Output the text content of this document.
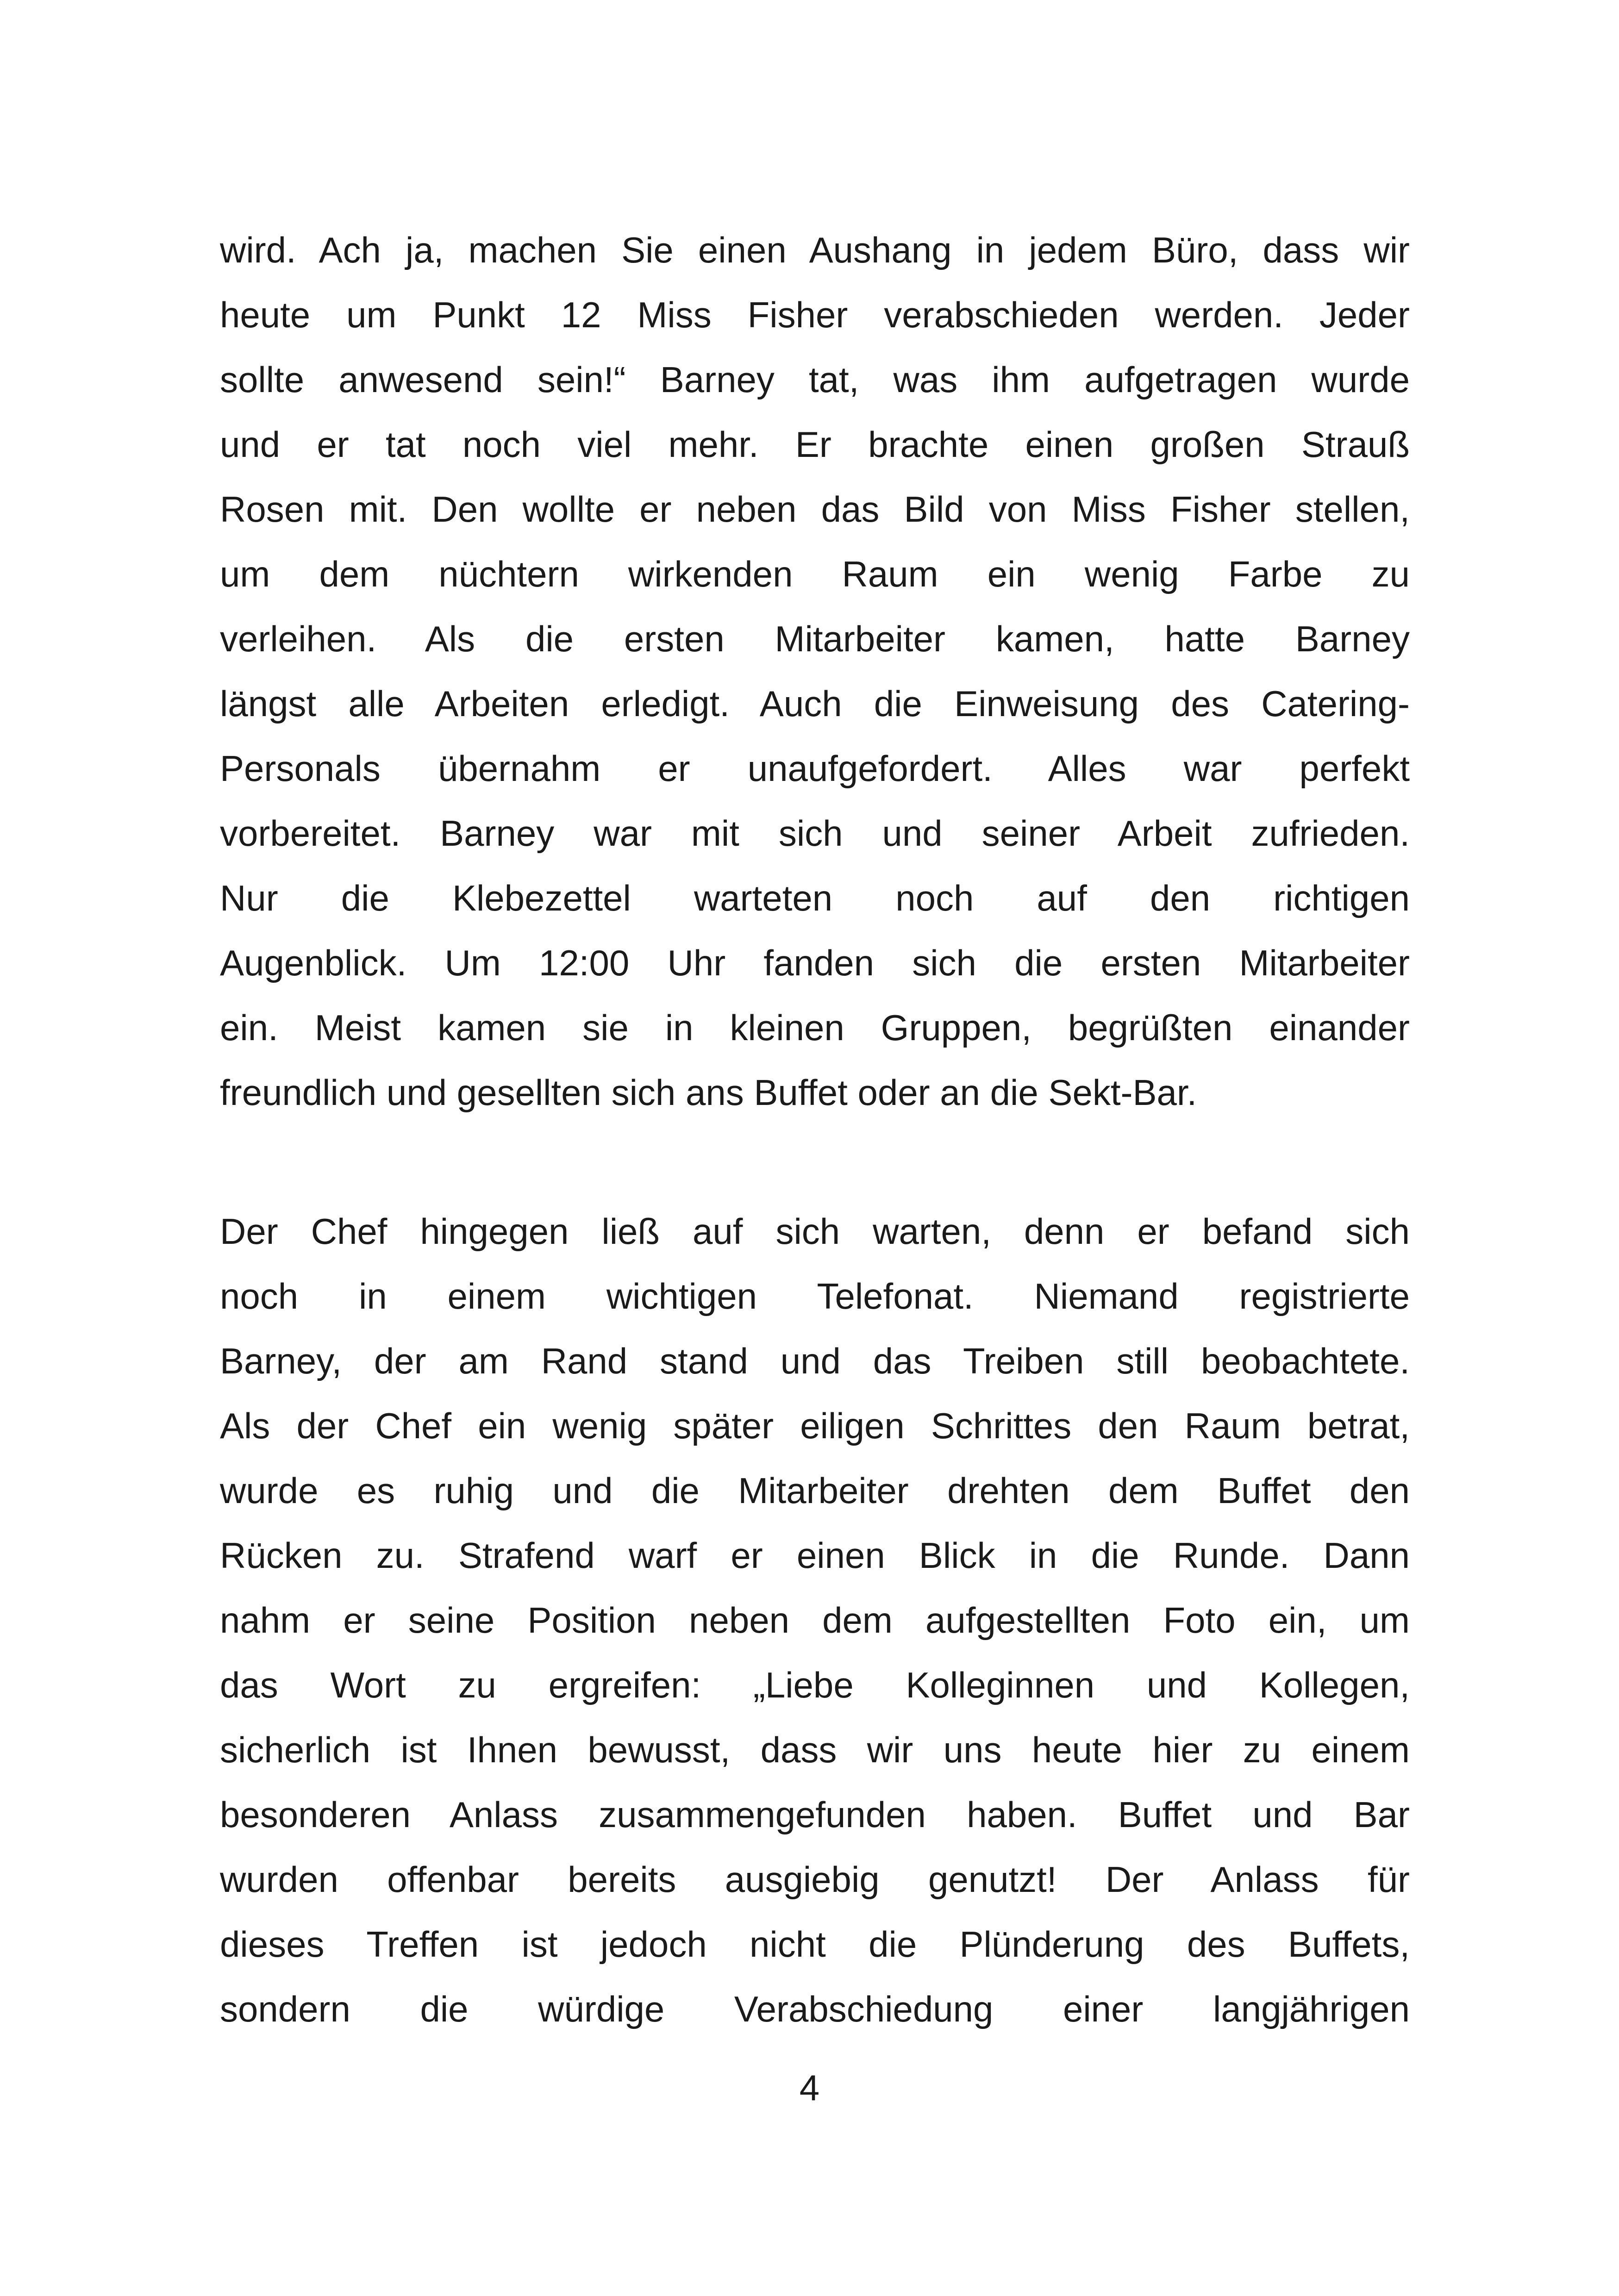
wird. Ach ja, machen Sie einen Aushang in jedem Büro, dass wir
heute um Punkt 12 Miss Fisher verabschieden werden. Jeder
sollte anwesend sein!“ Barney tat, was ihm aufgetragen wurde
und er tat noch viel mehr. Er brachte einen großen Strauß
Rosen mit. Den wollte er neben das Bild von Miss Fisher stellen,
um dem nüchtern wirkenden Raum ein wenig Farbe zu
verleihen. Als die ersten Mitarbeiter kamen, hatte Barney
längst alle Arbeiten erledigt. Auch die Einweisung des Catering-
Personals übernahm er unaufgefordert. Alles war perfekt
vorbereitet. Barney war mit sich und seiner Arbeit zufrieden.
Nur die Klebezettel warteten noch auf den richtigen
Augenblick. Um 12:00 Uhr fanden sich die ersten Mitarbeiter
ein. Meist kamen sie in kleinen Gruppen, begrüßten einander
freundlich und gesellten sich ans Buffet oder an die Sekt-Bar.
Der Chef hingegen ließ auf sich warten, denn er befand sich
noch in einem wichtigen Telefonat. Niemand registrierte
Barney, der am Rand stand und das Treiben still beobachtete.
Als der Chef ein wenig später eiligen Schrittes den Raum betrat,
wurde es ruhig und die Mitarbeiter drehten dem Buffet den
Rücken zu. Strafend warf er einen Blick in die Runde. Dann
nahm er seine Position neben dem aufgestellten Foto ein, um
das Wort zu ergreifen: „Liebe Kolleginnen und Kollegen,
sicherlich ist Ihnen bewusst, dass wir uns heute hier zu einem
besonderen Anlass zusammengefunden haben. Buffet und Bar
wurden offenbar bereits ausgiebig genutzt! Der Anlass für
dieses Treffen ist jedoch nicht die Plünderung des Buffets,
sondern die würdige Verabschiedung einer langjährigen
4
